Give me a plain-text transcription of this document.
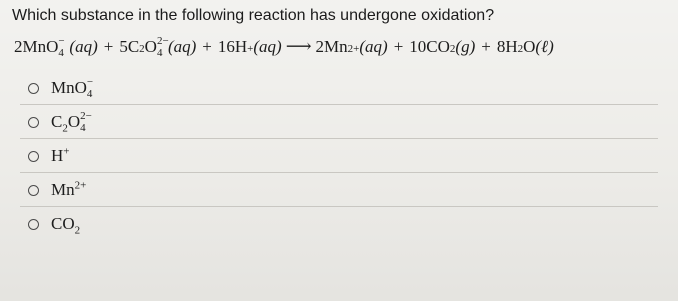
Which substance in the following reaction has undergone oxidation?
2 MnO −
4 (aq) + 5 C 2 O 2−
4 (aq) + 16 H + (aq) ⟶ 2 Mn 2+ (aq) + 10 CO 2 (g) + 8 H 2 O (ℓ)
MnO −
4
$C_2O$ 2−
4
H+
$Mn^{2+}$
$CO_2$
